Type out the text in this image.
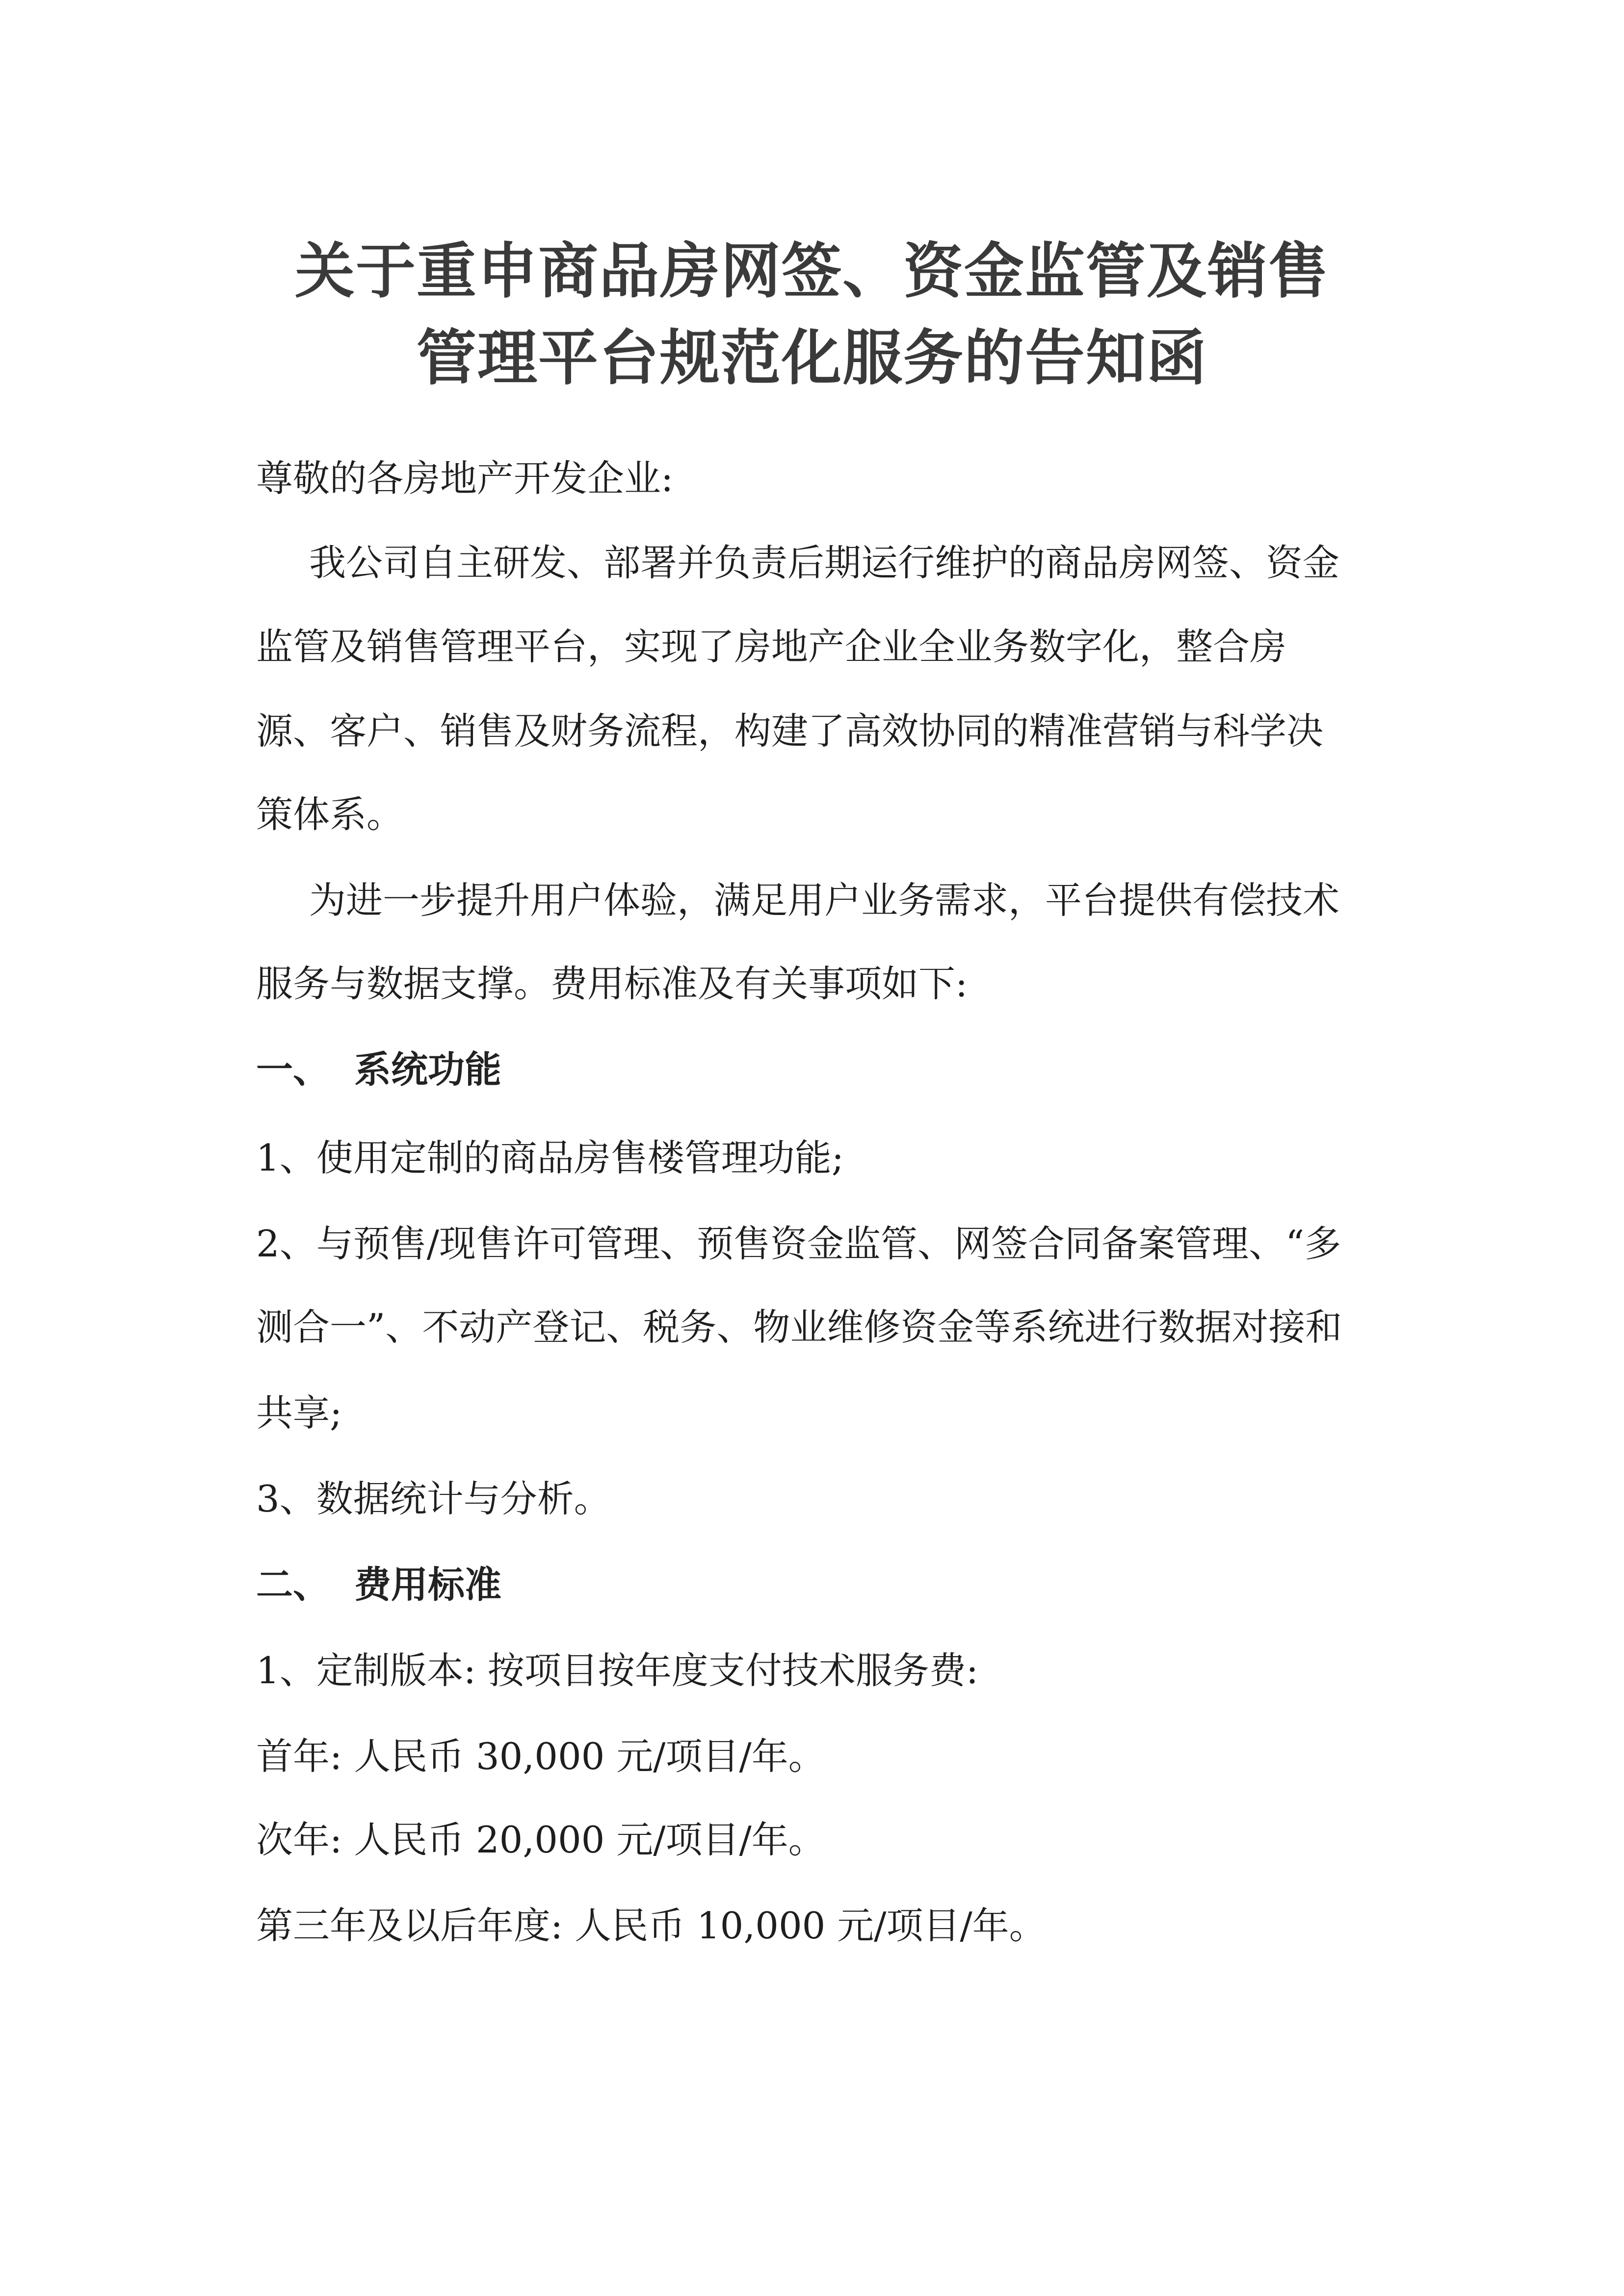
关于重申商品房网签、资金监管及销售
管理平台规范化服务的告知函
尊敬的各房地产开发企业:
我公司自主研发、部署并负责后期运行维护的商品房网签、资金
监管及销售管理平台，实现了房地产企业全业务数字化，整合房
源、客户、销售及财务流程，构建了高效协同的精准营销与科学决
策体系。
为进一步提升用户体验，满足用户业务需求，平台提供有偿技术
服务与数据支撑。费用标准及有关事项如下:
一、 系统功能
1、使用定制的商品房售楼管理功能;
2、与预售/现售许可管理、预售资金监管、网签合同备案管理、“多
测合一”、不动产登记、税务、物业维修资金等系统进行数据对接和
共享;
3、数据统计与分析。
二、 费用标准
1、定制版本: 按项目按年度支付技术服务费:
首年: 人民币 30,000 元/项目/年。
次年: 人民币 20,000 元/项目/年。
第三年及以后年度: 人民币 10,000 元/项目/年。
